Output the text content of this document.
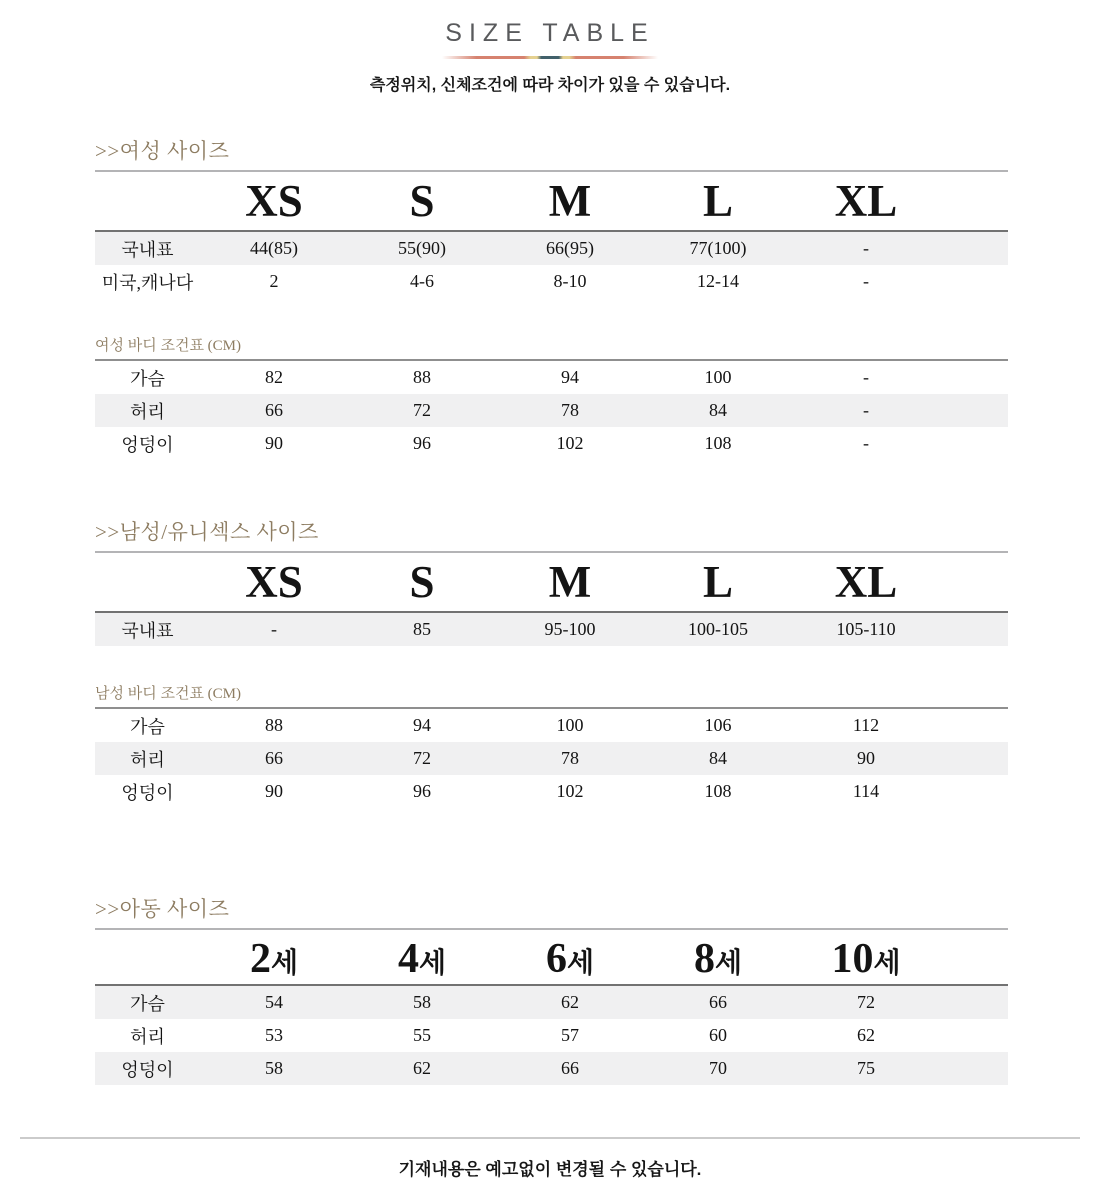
SIZE TABLE
측정위치, 신체조건에 따라 차이가 있을 수 있습니다.
>>여성 사이즈
	XS	S	M	L	XL	
국내표	44(85)	55(90)	66(95)	77(100)	-	
미국,캐나다	2	4-6	8-10	12-14	-	
여성 바디 조건표 (CM)
가슴	82	88	94	100	-	
허리	66	72	78	84	-	
엉덩이	90	96	102	108	-	
>>남성/유니섹스 사이즈
	XS	S	M	L	XL	
국내표	-	85	95-100	100-105	105-110	
남성 바디 조건표 (CM)
가슴	88	94	100	106	112	
허리	66	72	78	84	90	
엉덩이	90	96	102	108	114	
>>아동 사이즈
	2세	4세	6세	8세	10세	
가슴	54	58	62	66	72	
허리	53	55	57	60	62	
엉덩이	58	62	66	70	75	
기재내용은 예고없이 변경될 수 있습니다.
